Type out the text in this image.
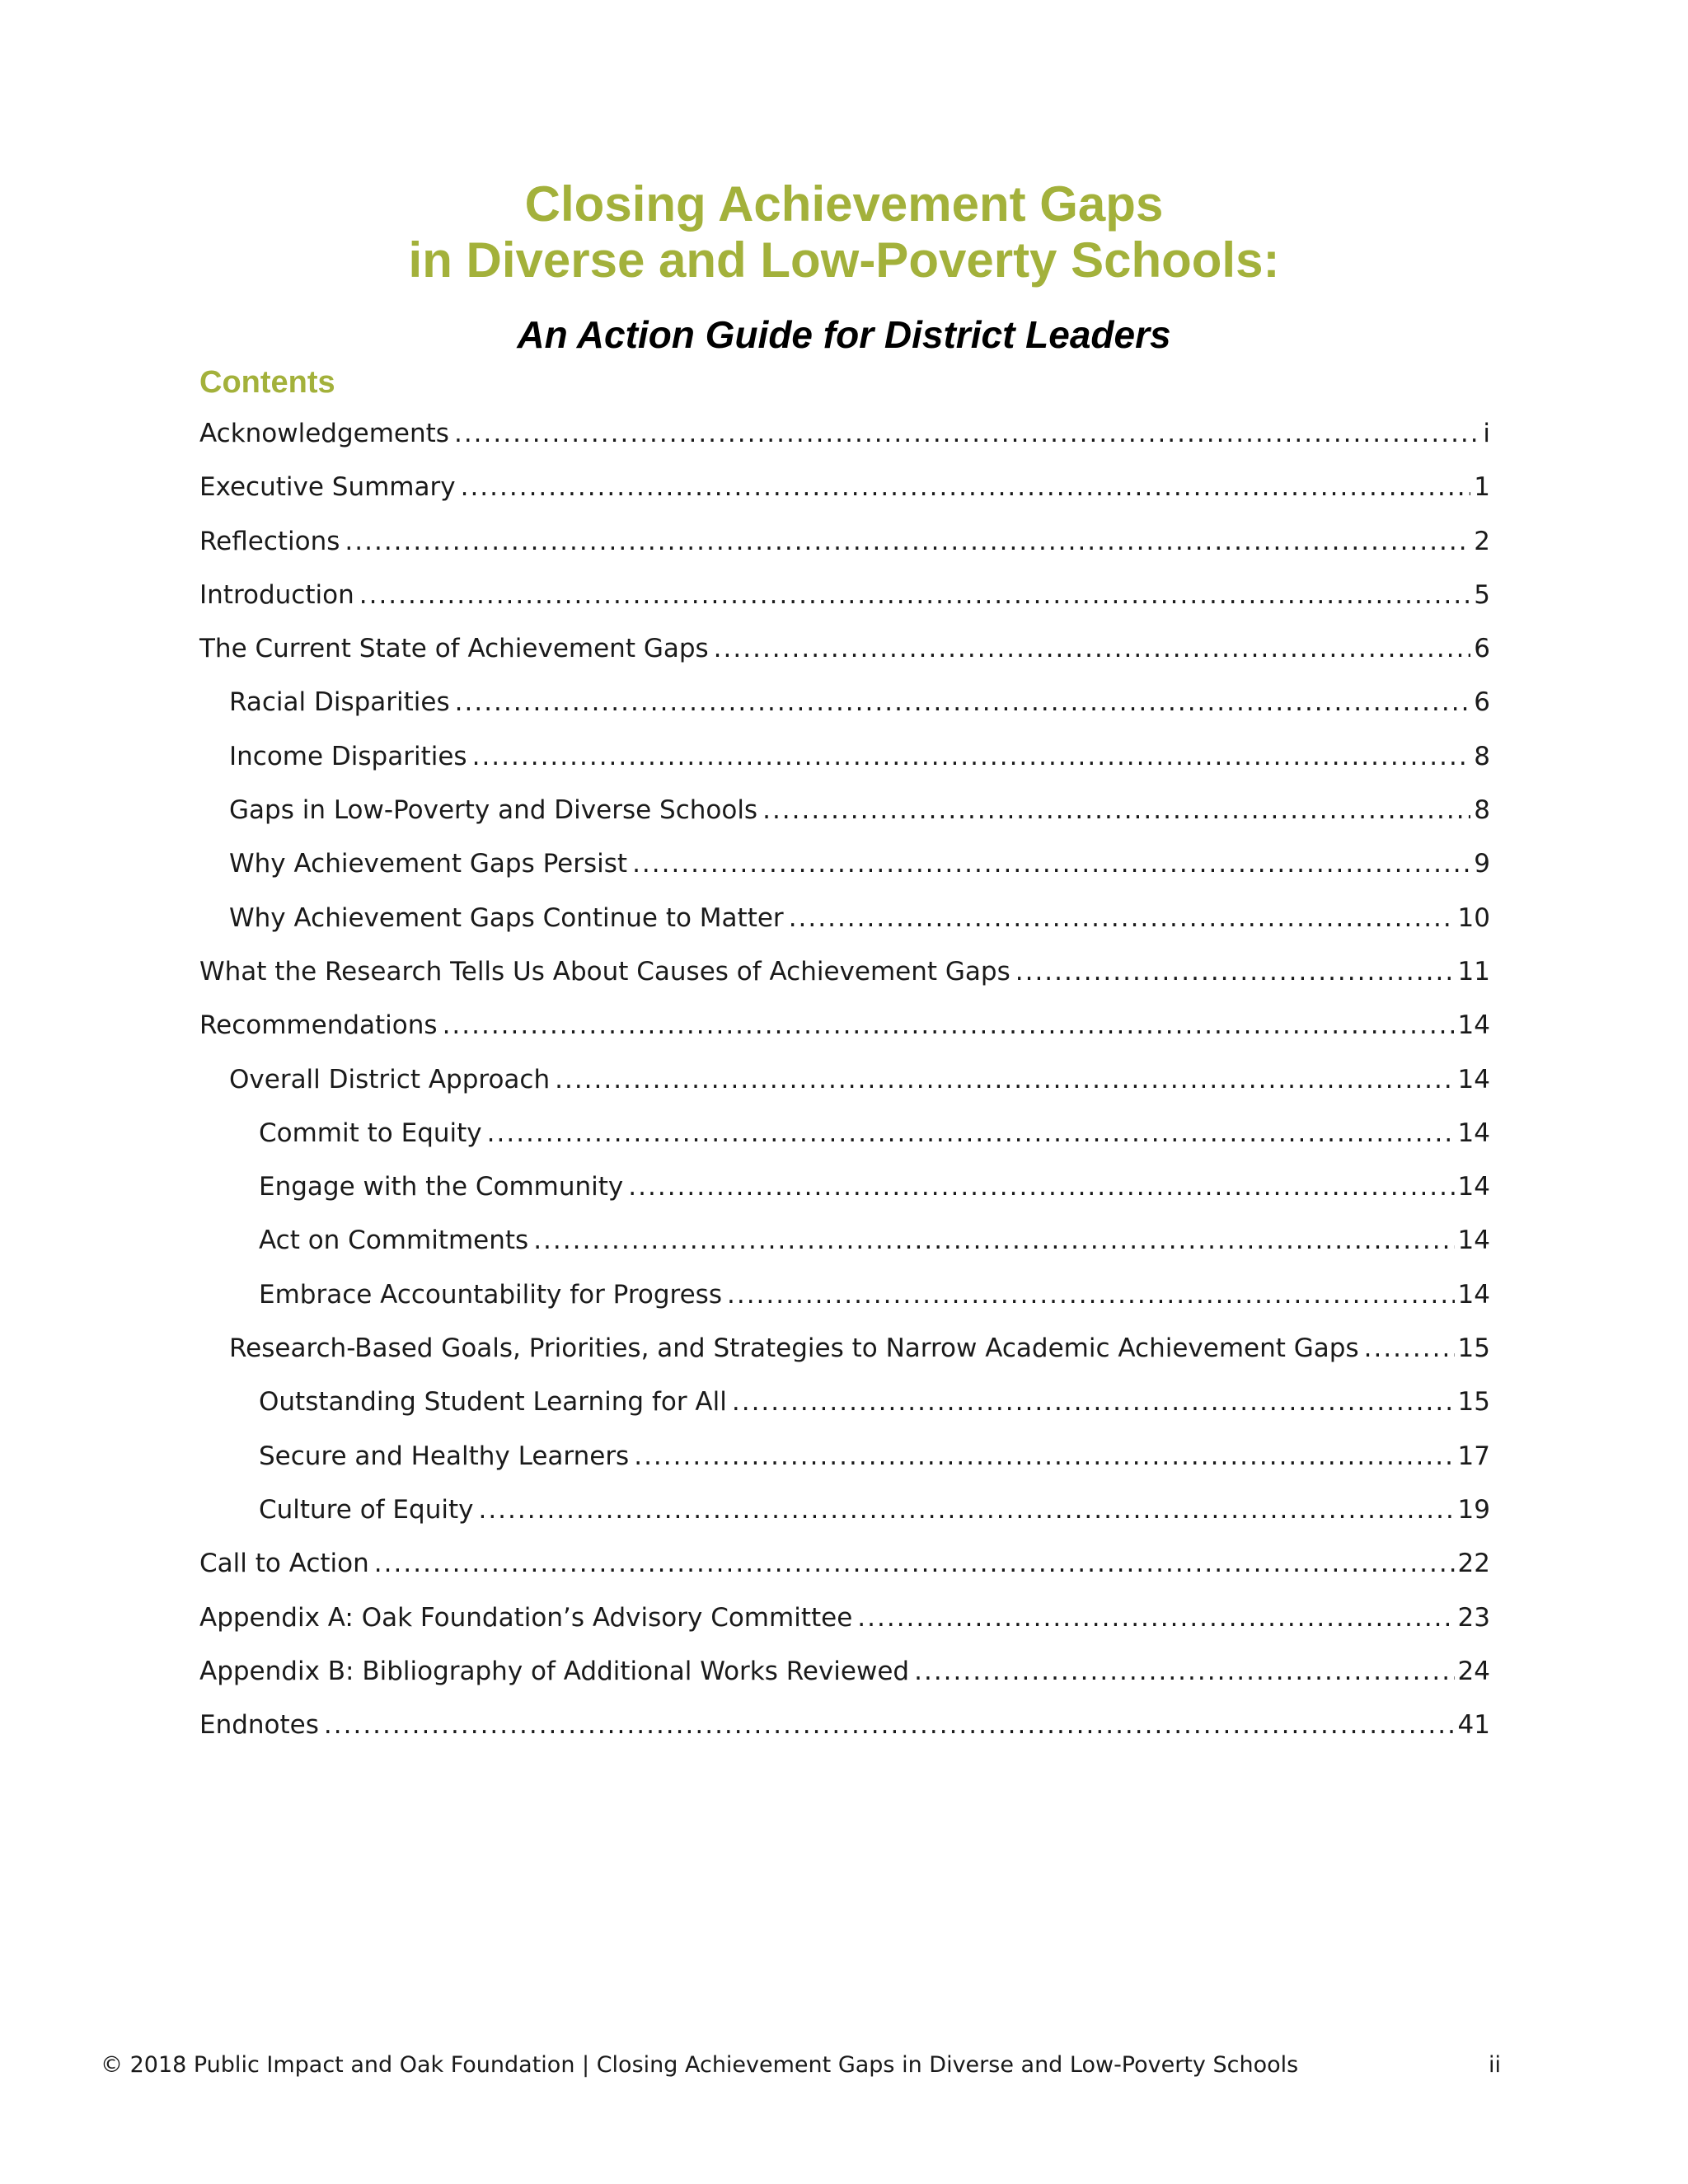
Closing Achievement Gaps

in Diverse and Low-Poverty Schools:

An Action Guide for District Leaders

Contents

Acknowledgements .....	i
Executive Summary .....	1
Reflections .....	2
Introduction .....	5
The Current State of Achievement Gaps .....	6
Racial Disparities .....	6
Income Disparities .....	8
Gaps in Low-Poverty and Diverse Schools .....	8
Why Achievement Gaps Persist .....	9
Why Achievement Gaps Continue to Matter .....	10
What the Research Tells Us About Causes of Achievement Gaps .....	11
Recommendations .....	14
Overall District Approach .....	14
Commit to Equity .....	14
Engage with the Community .....	14
Act on Commitments .....	14
Embrace Accountability for Progress .....	14
Research-Based Goals, Priorities, and Strategies to Narrow Academic Achievement Gaps .....	15
Outstanding Student Learning for All .....	15
Secure and Healthy Learners .....	17
Culture of Equity .....	19
Call to Action .....	22
Appendix A: Oak Foundation’s Advisory Committee .....	23
Appendix B: Bibliography of Additional Works Reviewed .....	24
Endnotes .....	41
© 2018 Public Impact and Oak Foundation | Closing Achievement Gaps in Diverse and Low-Poverty Schools	ii
